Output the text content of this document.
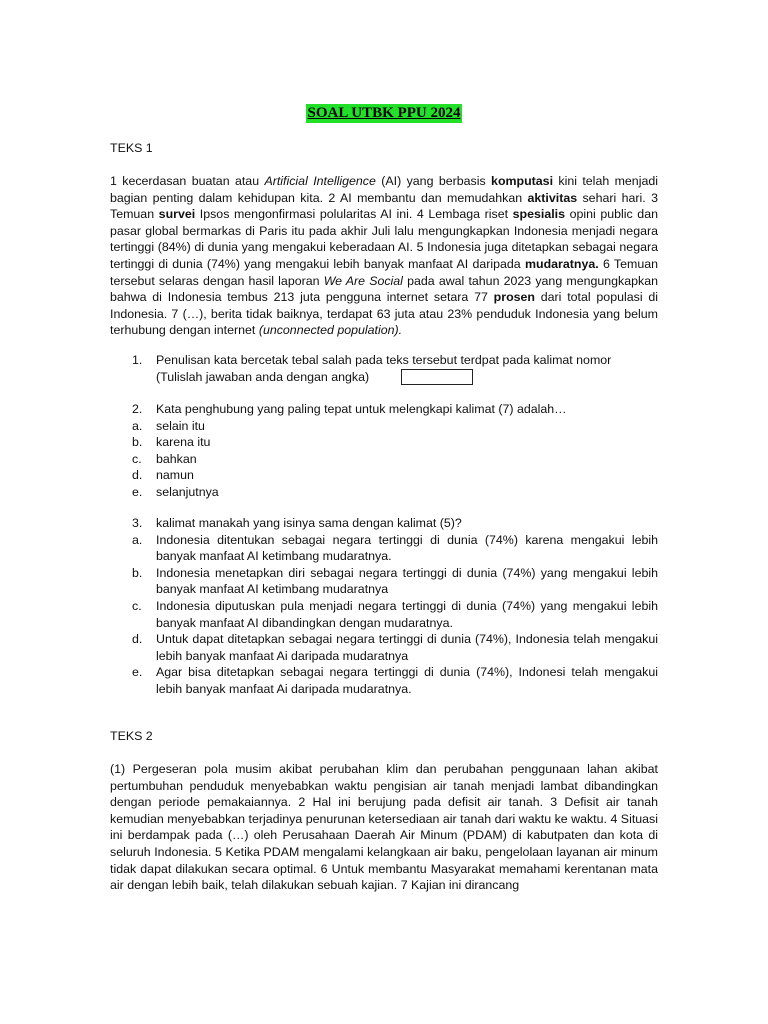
SOAL UTBK PPU 2024
TEKS 1
1 kecerdasan buatan atau Artificial Intelligence (AI) yang berbasis komputasi kini telah menjadi bagian penting dalam kehidupan kita. 2 AI membantu dan memudahkan aktivitas sehari hari. 3 Temuan survei Ipsos mengonfirmasi polularitas AI ini. 4 Lembaga riset spesialis opini public dan pasar global bermarkas di Paris itu pada akhir Juli lalu mengungkapkan Indonesia menjadi negara tertinggi (84%) di dunia yang mengakui keberadaan AI. 5 Indonesia juga ditetapkan sebagai negara tertinggi di dunia (74%) yang mengakui lebih banyak manfaat AI daripada mudaratnya. 6 Temuan tersebut selaras dengan hasil laporan We Are Social pada awal tahun 2023 yang mengungkapkan bahwa di Indonesia tembus 213 juta pengguna internet setara 77 prosen dari total populasi di Indonesia. 7 (…), berita tidak baiknya, terdapat 63 juta atau 23% penduduk Indonesia yang belum terhubung dengan internet (unconnected population).
1.	Penulisan kata bercetak tebal salah pada teks tersebut terdpat pada kalimat nomor
(Tulislah jawaban anda dengan angka)
2.	Kata penghubung yang paling tepat untuk melengkapi kalimat (7) adalah…
a.	selain itu
b.	karena itu
c.	bahkan
d.	namun
e.	selanjutnya
3.	kalimat manakah yang isinya sama dengan kalimat (5)?
a.	Indonesia ditentukan sebagai negara tertinggi di dunia (74%) karena mengakui lebih banyak manfaat AI ketimbang mudaratnya.
b.	Indonesia menetapkan diri sebagai negara tertinggi di dunia (74%) yang mengakui lebih banyak manfaat AI ketimbang mudaratnya
c.	Indonesia diputuskan pula menjadi negara tertinggi di dunia (74%) yang mengakui lebih banyak manfaat AI dibandingkan dengan mudaratnya.
d.	Untuk dapat ditetapkan sebagai negara tertinggi di dunia (74%), Indonesia telah mengakui lebih banyak manfaat Ai daripada mudaratnya
e.	Agar bisa ditetapkan sebagai negara tertinggi di dunia (74%), Indonesi telah mengakui lebih banyak manfaat Ai daripada mudaratnya.
TEKS 2
(1) Pergeseran pola musim akibat perubahan klim dan perubahan penggunaan lahan akibat pertumbuhan penduduk menyebabkan waktu pengisian air tanah menjadi lambat dibandingkan dengan periode pemakaiannya. 2 Hal ini berujung pada defisit air tanah. 3 Defisit air tanah kemudian menyebabkan terjadinya penurunan ketersediaan air tanah dari waktu ke waktu. 4 Situasi ini berdampak pada (…) oleh Perusahaan Daerah Air Minum (PDAM) di kabutpaten dan kota di seluruh Indonesia. 5 Ketika PDAM mengalami kelangkaan air baku, pengelolaan layanan air minum tidak dapat dilakukan secara optimal. 6 Untuk membantu Masyarakat memahami kerentanan mata air dengan lebih baik, telah dilakukan sebuah kajian. 7 Kajian ini dirancang
